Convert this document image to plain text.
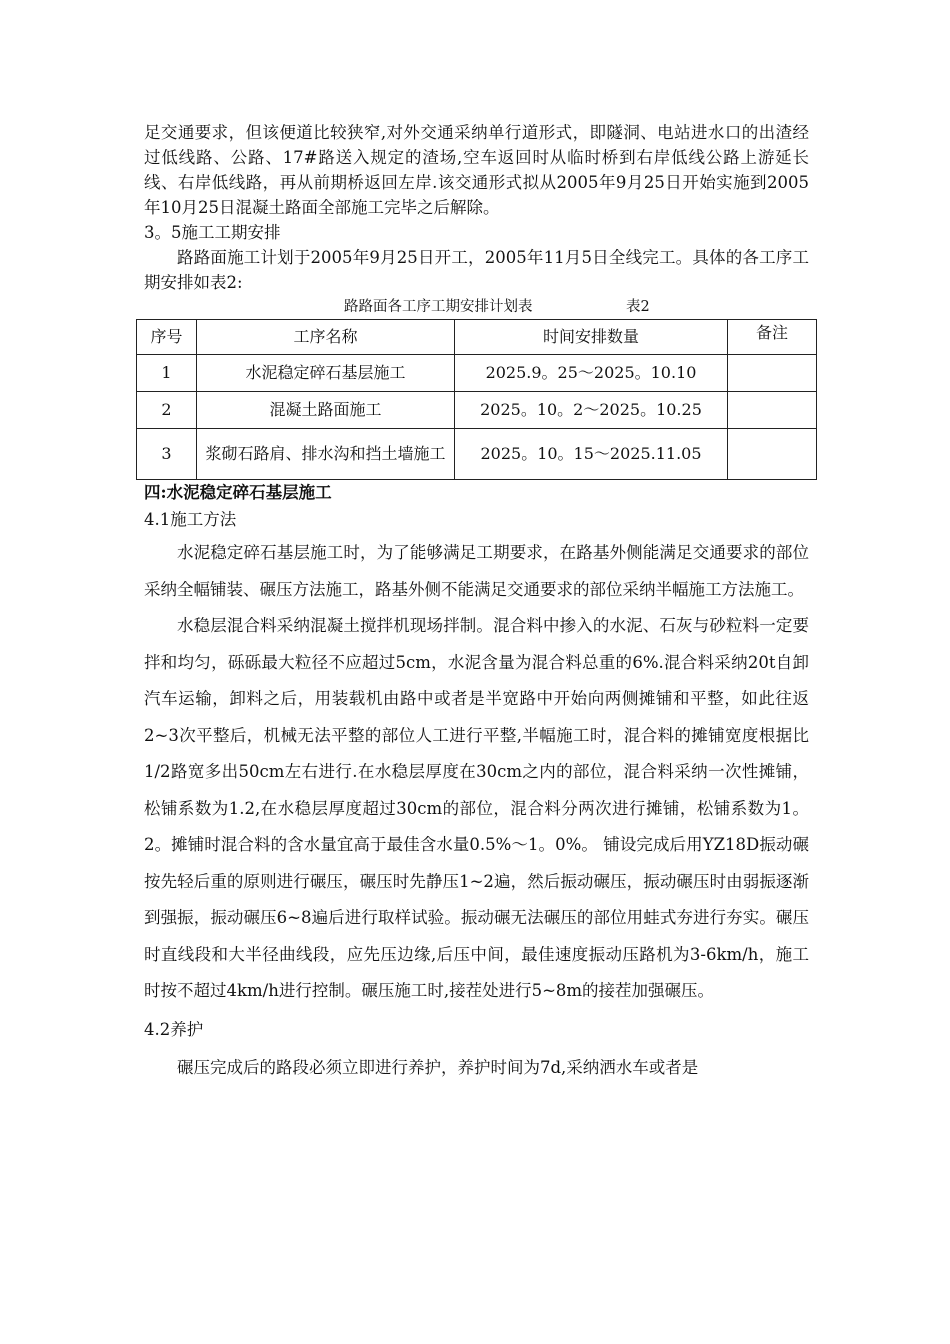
足交通要求，但该便道比较狭窄,对外交通采纳单行道形式，即隧洞、电站进水口的出渣经过低线路、公路、17#路送入规定的渣场,空车返回时从临时桥到右岸低线公路上游延长线、右岸低线路，再从前期桥返回左岸.该交通形式拟从2005年9月25日开始实施到2005年10月25日混凝土路面全部施工完毕之后解除。

3。5施工工期安排

路路面施工计划于2005年9月25日开工，2005年11月5日全线完工。具体的各工序工期安排如表2:

路路面各工序工期安排计划表	表2
序号	工序名称	时间安排数量	备注
1	水泥稳定碎石基层施工	2025.9。25～2025。10.10	
2	混凝土路面施工	2025。10。2～2025。10.25	
3	浆砌石路肩、排水沟和挡土墙施工	2025。10。15～2025.11.05	

四:水泥稳定碎石基层施工

4.1施工方法

水泥稳定碎石基层施工时，为了能够满足工期要求，在路基外侧能满足交通要求的部位采纳全幅铺装、碾压方法施工，路基外侧不能满足交通要求的部位采纳半幅施工方法施工。

水稳层混合料采纳混凝土搅拌机现场拌制。混合料中掺入的水泥、石灰与砂粒料一定要拌和均匀，砾砾最大粒径不应超过5cm，水泥含量为混合料总重的6%.混合料采纳20t自卸汽车运输，卸料之后，用装载机由路中或者是半宽路中开始向两侧摊铺和平整，如此往返2~3次平整后，机械无法平整的部位人工进行平整,半幅施工时，混合料的摊铺宽度根据比1/2路宽多出50cm左右进行.在水稳层厚度在30cm之内的部位，混合料采纳一次性摊铺，松铺系数为1.2,在水稳层厚度超过30cm的部位，混合料分两次进行摊铺，松铺系数为1。2。摊铺时混合料的含水量宜高于最佳含水量0.5%～1。0%。 铺设完成后用YZ18D振动碾按先轻后重的原则进行碾压，碾压时先静压1~2遍，然后振动碾压，振动碾压时由弱振逐渐到强振，振动碾压6~8遍后进行取样试验。振动碾无法碾压的部位用蛙式夯进行夯实。碾压时直线段和大半径曲线段，应先压边缘,后压中间，最佳速度振动压路机为3-6km/h，施工时按不超过4km/h进行控制。碾压施工时,接茬处进行5~8m的接茬加强碾压。

4.2养护

碾压完成后的路段必须立即进行养护，养护时间为7d,采纳洒水车或者是
